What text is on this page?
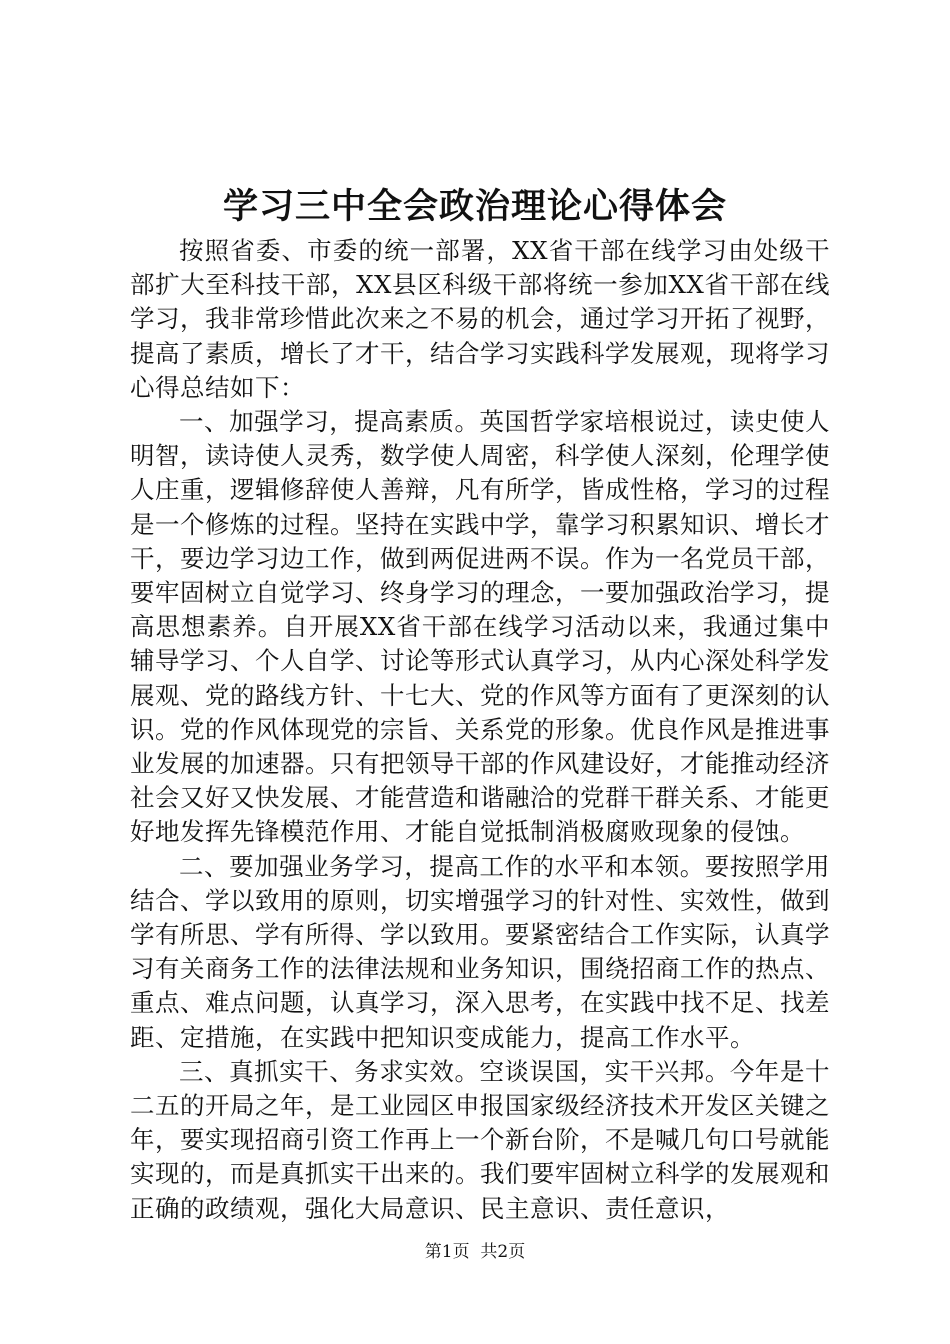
学习三中全会政治理论心得体会

按照省委、市委的统一部署，XX省干部在线学习由处级干部扩大至科技干部，XX县区科级干部将统一参加XX省干部在线学习，我非常珍惜此次来之不易的机会，通过学习开拓了视野，提高了素质，增长了才干，结合学习实践科学发展观，现将学习心得总结如下：

一、加强学习，提高素质。英国哲学家培根说过，读史使人明智，读诗使人灵秀，数学使人周密，科学使人深刻，伦理学使人庄重，逻辑修辞使人善辩，凡有所学，皆成性格，学习的过程是一个修炼的过程。坚持在实践中学，靠学习积累知识、增长才干，要边学习边工作，做到两促进两不误。作为一名党员干部，要牢固树立自觉学习、终身学习的理念，一要加强政治学习，提高思想素养。自开展XX省干部在线学习活动以来，我通过集中辅导学习、个人自学、讨论等形式认真学习，从内心深处科学发展观、党的路线方针、十七大、党的作风等方面有了更深刻的认识。党的作风体现党的宗旨、关系党的形象。优良作风是推进事业发展的加速器。只有把领导干部的作风建设好，才能推动经济社会又好又快发展、才能营造和谐融洽的党群干群关系、才能更好地发挥先锋模范作用、才能自觉抵制消极腐败现象的侵蚀。

二、要加强业务学习，提高工作的水平和本领。要按照学用结合、学以致用的原则，切实增强学习的针对性、实效性，做到学有所思、学有所得、学以致用。要紧密结合工作实际，认真学习有关商务工作的法律法规和业务知识，围绕招商工作的热点、重点、难点问题，认真学习，深入思考，在实践中找不足、找差距、定措施，在实践中把知识变成能力，提高工作水平。

三、真抓实干、务求实效。空谈误国，实干兴邦。今年是十二五的开局之年，是工业园区申报国家级经济技术开发区关键之年，要实现招商引资工作再上一个新台阶，不是喊几句口号就能实现的，而是真抓实干出来的。我们要牢固树立科学的发展观和正确的政绩观，强化大局意识、民主意识、责任意识，

第1页 共2页
